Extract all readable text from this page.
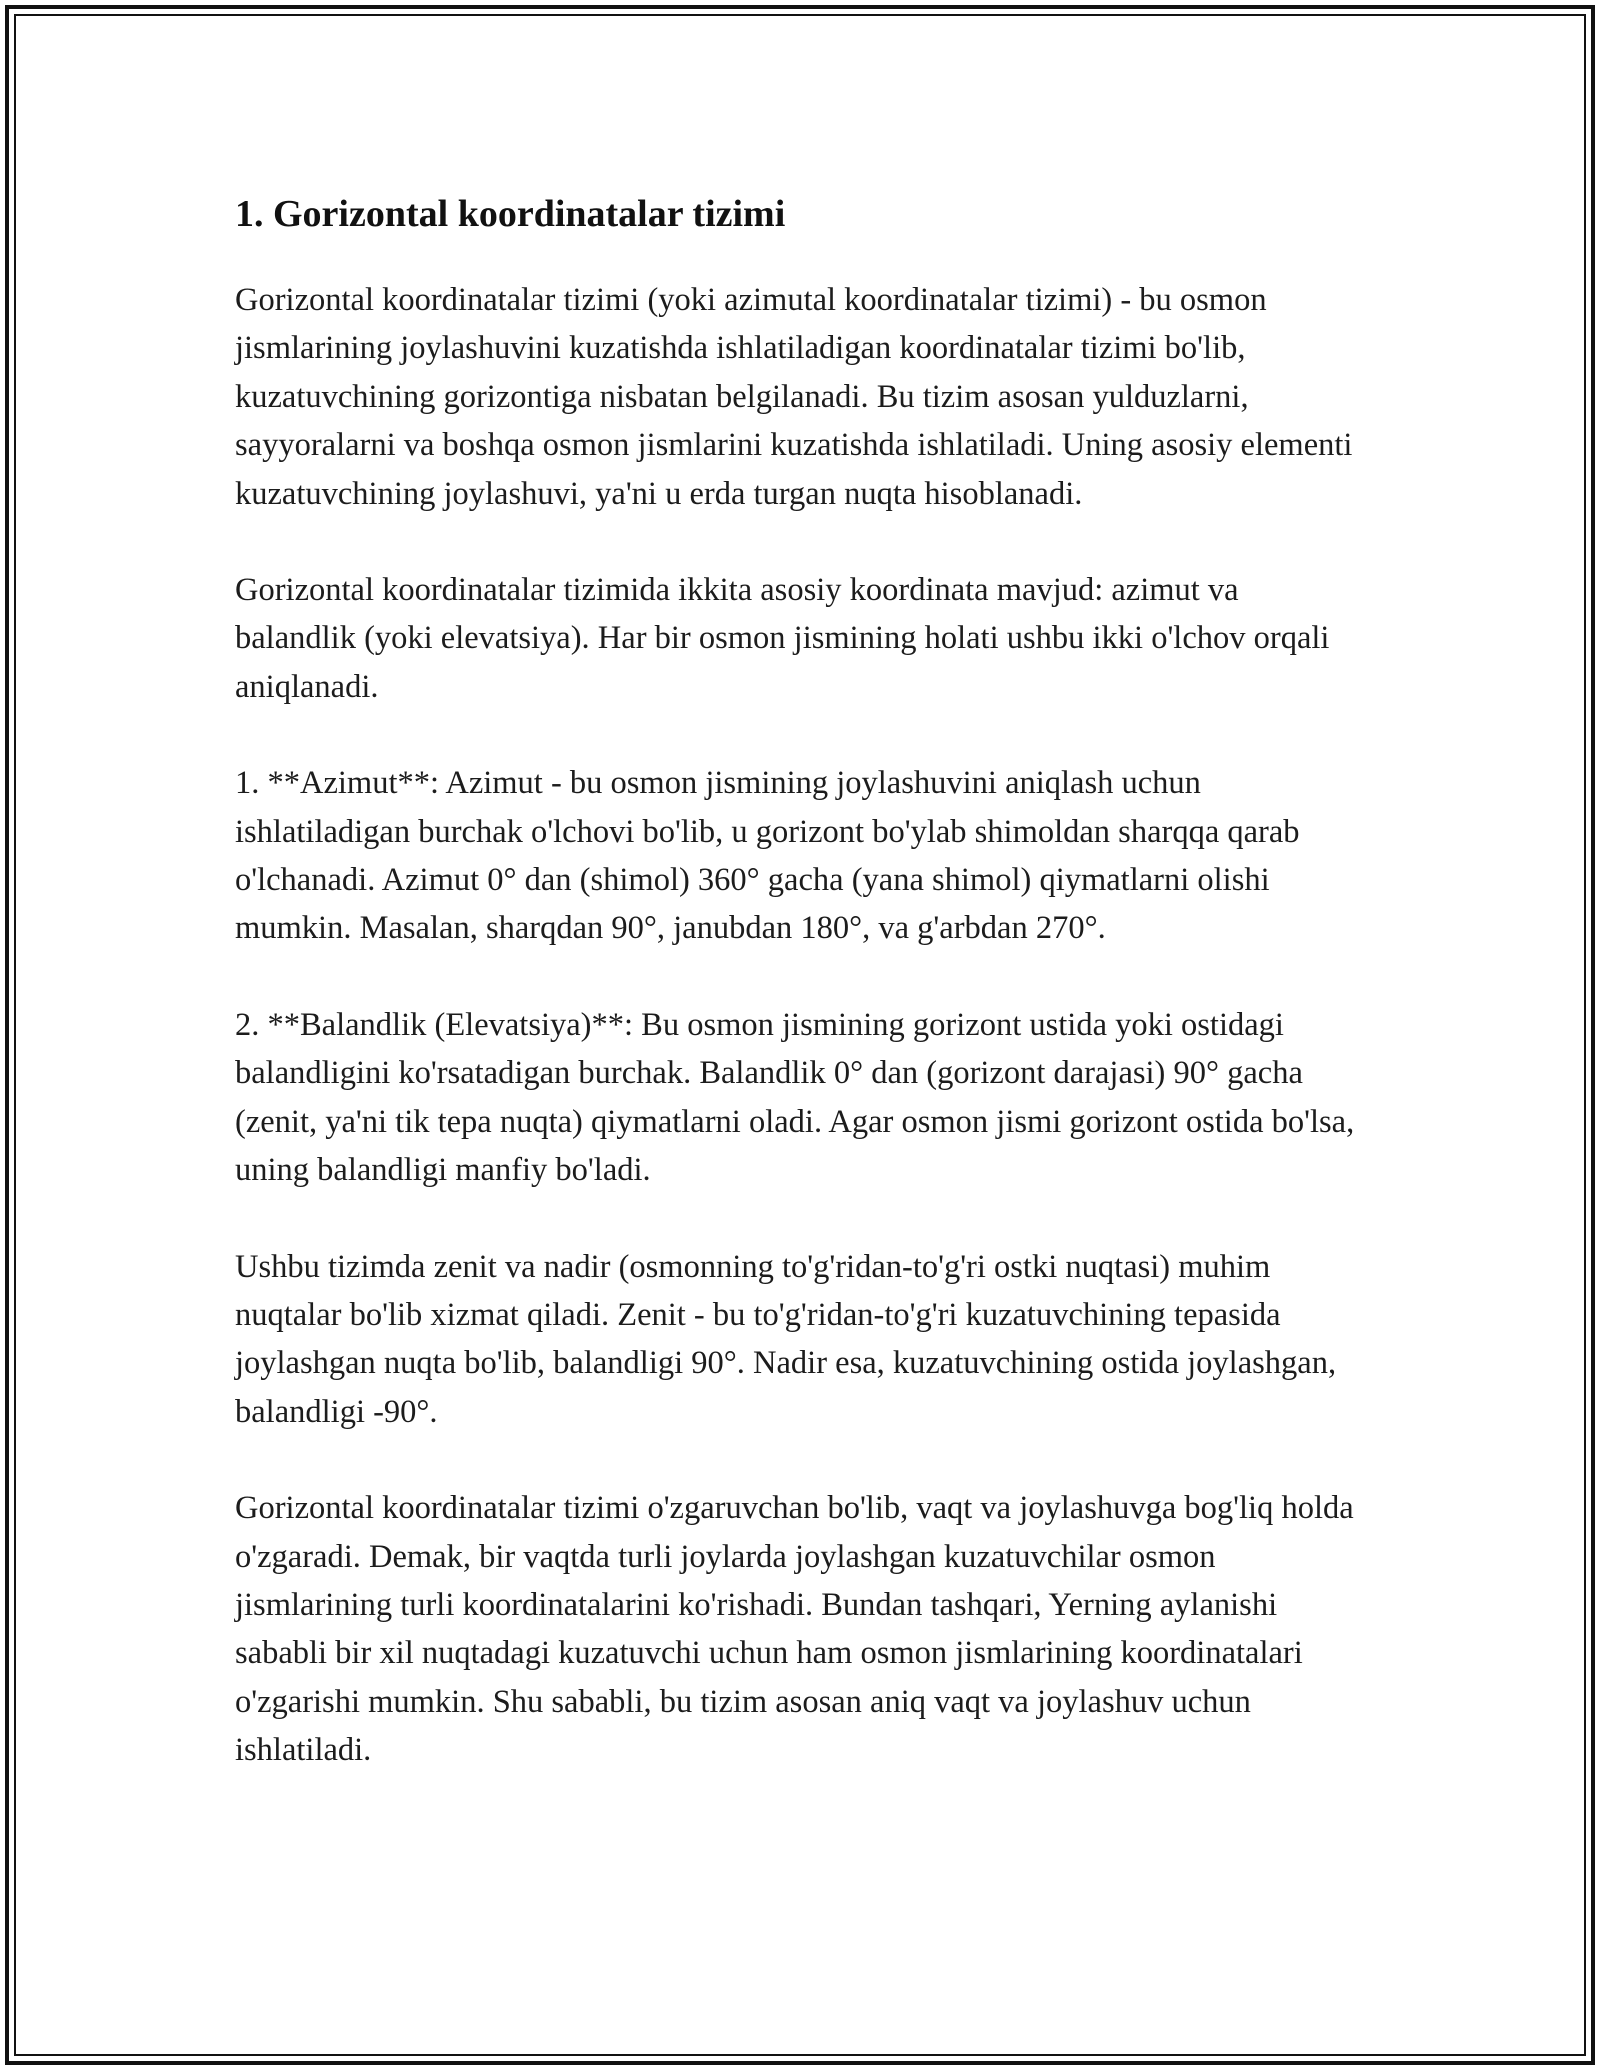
1. Gorizontal koordinatalar tizimi

Gorizontal koordinatalar tizimi (yoki azimutal koordinatalar tizimi) - bu osmon jismlarining joylashuvini kuzatishda ishlatiladigan koordinatalar tizimi bo'lib, kuzatuvchining gorizontiga nisbatan belgilanadi. Bu tizim asosan yulduzlarni, sayyoralarni va boshqa osmon jismlarini kuzatishda ishlatiladi. Uning asosiy elementi kuzatuvchining joylashuvi, ya'ni u erda turgan nuqta hisoblanadi.

Gorizontal koordinatalar tizimida ikkita asosiy koordinata mavjud: azimut va balandlik (yoki elevatsiya). Har bir osmon jismining holati ushbu ikki o'lchov orqali aniqlanadi.

1. **Azimut**: Azimut - bu osmon jismining joylashuvini aniqlash uchun ishlatiladigan burchak o'lchovi bo'lib, u gorizont bo'ylab shimoldan sharqqa qarab o'lchanadi. Azimut 0° dan (shimol) 360° gacha (yana shimol) qiymatlarni olishi mumkin. Masalan, sharqdan 90°, janubdan 180°, va g'arbdan 270°.

2. **Balandlik (Elevatsiya)**: Bu osmon jismining gorizont ustida yoki ostidagi balandligini ko'rsatadigan burchak. Balandlik 0° dan (gorizont darajasi) 90° gacha (zenit, ya'ni tik tepa nuqta) qiymatlarni oladi. Agar osmon jismi gorizont ostida bo'lsa, uning balandligi manfiy bo'ladi.

Ushbu tizimda zenit va nadir (osmonning to'g'ridan-to'g'ri ostki nuqtasi) muhim nuqtalar bo'lib xizmat qiladi. Zenit - bu to'g'ridan-to'g'ri kuzatuvchining tepasida joylashgan nuqta bo'lib, balandligi 90°. Nadir esa, kuzatuvchining ostida joylashgan, balandligi -90°.

Gorizontal koordinatalar tizimi o'zgaruvchan bo'lib, vaqt va joylashuvga bog'liq holda o'zgaradi. Demak, bir vaqtda turli joylarda joylashgan kuzatuvchilar osmon jismlarining turli koordinatalarini ko'rishadi. Bundan tashqari, Yerning aylanishi sababli bir xil nuqtadagi kuzatuvchi uchun ham osmon jismlarining koordinatalari o'zgarishi mumkin. Shu sababli, bu tizim asosan aniq vaqt va joylashuv uchun ishlatiladi.
